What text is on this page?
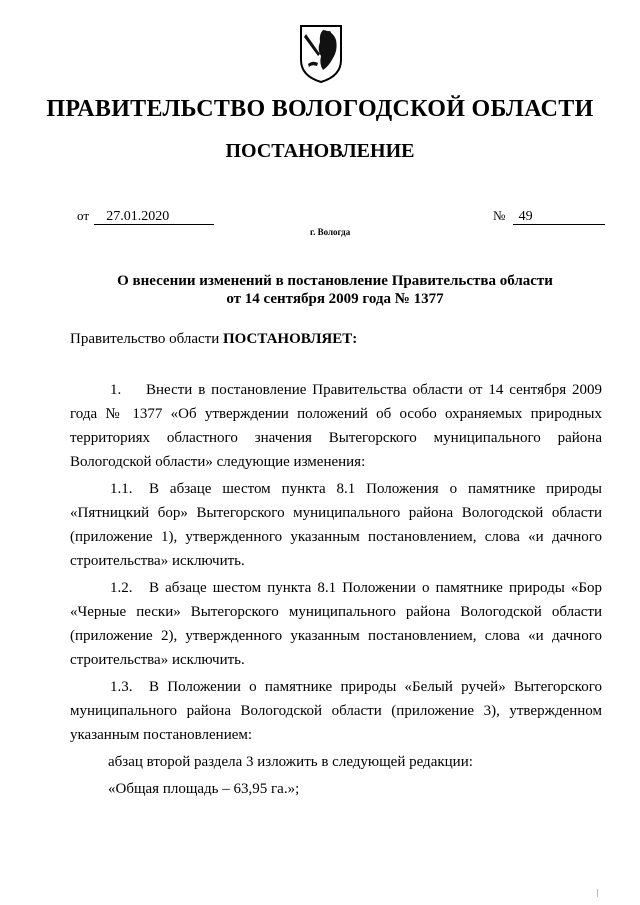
ПРАВИТЕЛЬСТВО ВОЛОГОДСКОЙ ОБЛАСТИ
ПОСТАНОВЛЕНИЕ
от 27.01.2020	№ 49
г. Вологда
О внесении изменений в постановление Правительства области
от 14 сентября 2009 года № 1377
Правительство области ПОСТАНОВЛЯЕТ:

1. Внести в постановление Правительства области от 14 сентября 2009 года № 1377 «Об утверждении положений об особо охраняемых природных территориях областного значения Вытегорского муниципального района Вологодской области» следующие изменения:

1.1. В абзаце шестом пункта 8.1 Положения о памятнике природы «Пятницкий бор» Вытегорского муниципального района Вологодской области (приложение 1), утвержденного указанным постановлением, слова «и дачного строительства» исключить.

1.2. В абзаце шестом пункта 8.1 Положении о памятнике природы «Бор «Черные пески» Вытегорского муниципального района Вологодской области (приложение 2), утвержденного указанным постановлением, слова «и дачного строительства» исключить.

1.3. В Положении о памятнике природы «Белый ручей» Вытегорского муниципального района Вологодской области (приложение 3), утвержденном указанным постановлением:

абзац второй раздела 3 изложить в следующей редакции:

«Общая площадь – 63,95 га.»;
